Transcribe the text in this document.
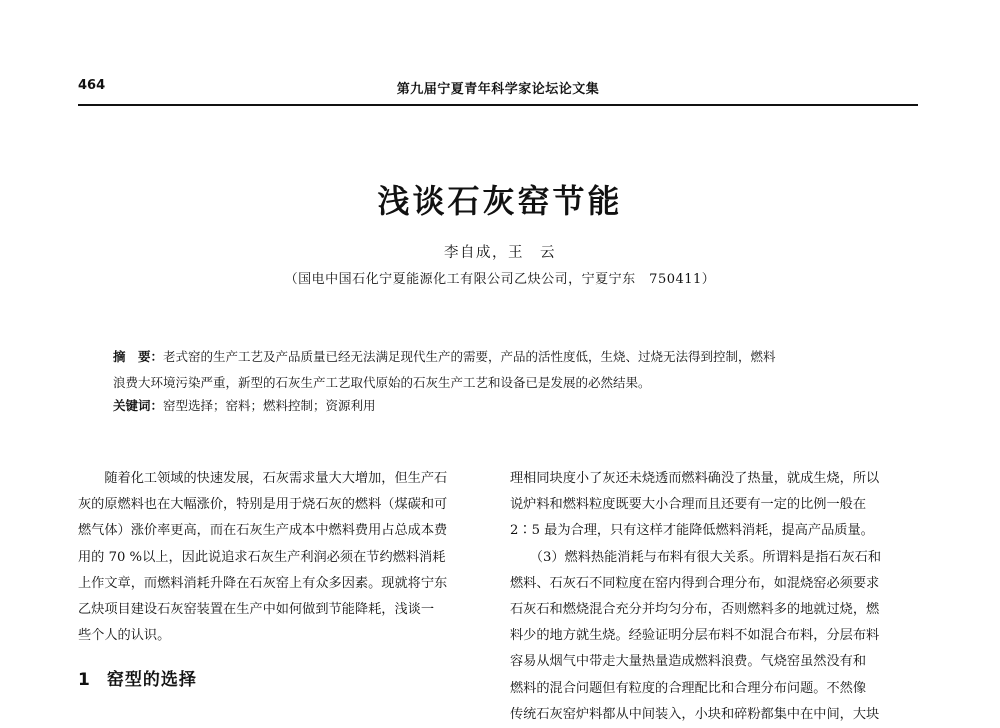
464	第九届宁夏青年科学家论坛论文集
浅谈石灰窑节能
李自成，王　云
（国电中国石化宁夏能源化工有限公司乙炔公司，宁夏宁东　750411）
摘　要：老式窑的生产工艺及产品质量已经无法满足现代生产的需要，产品的活性度低，生烧、过烧无法得到控制，燃料
浪费大环境污染严重，新型的石灰生产工艺取代原始的石灰生产工艺和设备已是发展的必然结果。
关键词：窑型选择；窑料；燃料控制；资源利用
　　随着化工领域的快速发展，石灰需求量大大增加，但生产石
灰的原燃料也在大幅涨价，特别是用于烧石灰的燃料（煤碳和可
燃气体）涨价率更高，而在石灰生产成本中燃料费用占总成本费
用的 70 %以上，因此说追求石灰生产利润必须在节约燃料消耗
上作文章，而燃料消耗升降在石灰窑上有众多因素。现就将宁东
乙炔项目建设石灰窑装置在生产中如何做到节能降耗，浅谈一
些个人的认识。
1 窑型的选择
理相同块度小了灰还未烧透而燃料确没了热量，就成生烧，所以
说炉料和燃料粒度既要大小合理而且还要有一定的比例一般在
2∶5 最为合理，只有这样才能降低燃料消耗，提高产品质量。
　　（3）燃料热能消耗与布料有很大关系。所谓料是指石灰石和
燃料、石灰石不同粒度在窑内得到合理分布，如混烧窑必须要求
石灰石和燃烧混合充分并均匀分布，否则燃料多的地就过烧，燃
料少的地方就生烧。经验证明分层布料不如混合布料，分层布料
容易从烟气中带走大量热量造成燃料浪费。气烧窑虽然没有和
燃料的混合问题但有粒度的合理配比和合理分布问题。不然像
传统石灰窑炉料都从中间装入，小块和碎粉都集中在中间，大块
